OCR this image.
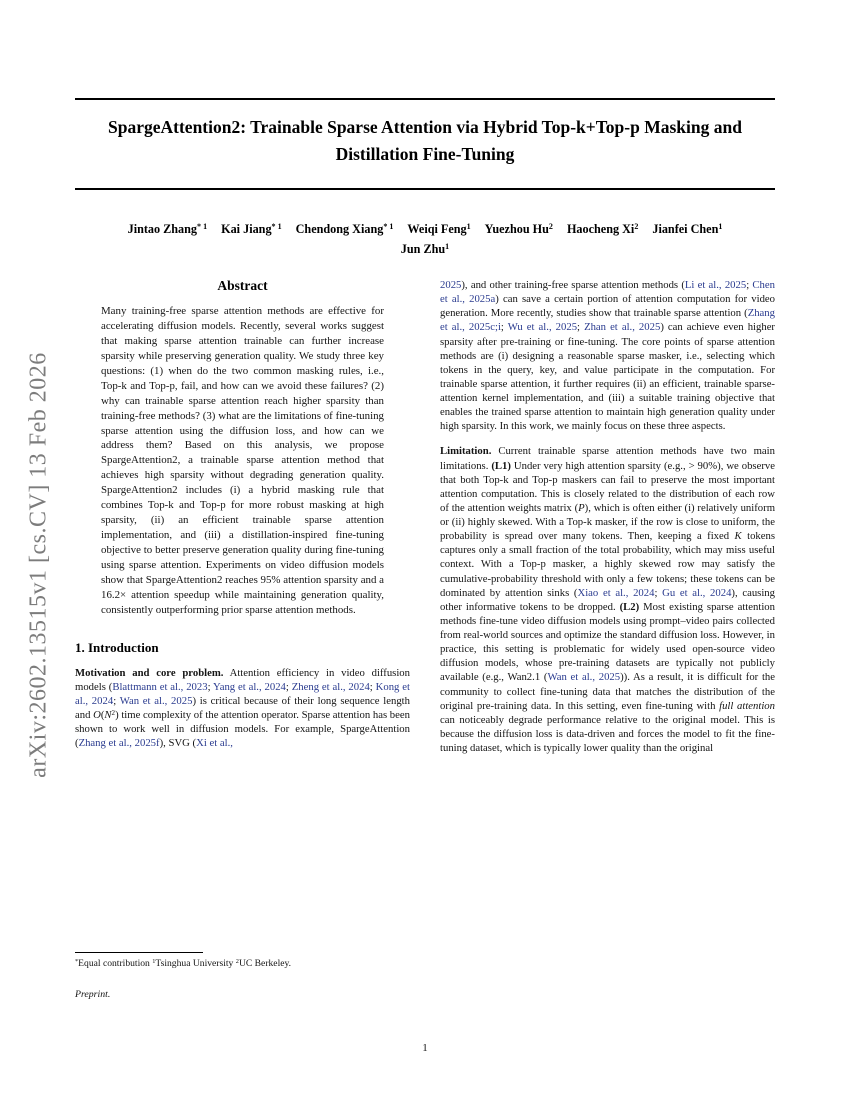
arXiv:2602.13515v1 [cs.CV] 13 Feb 2026
SpargeAttention2: Trainable Sparse Attention via Hybrid Top-k+Top-p Masking and Distillation Fine-Tuning
Jintao Zhang$^{* 1}$ Kai Jiang$^{* 1}$ Chendong Xiang$^{* 1}$ Weiqi Feng$^1$ Yuezhou Hu$^2$ Haocheng Xi$^2$ Jianfei Chen$^1$
Jun Zhu$^1$
Abstract
Many training-free sparse attention methods are effective for accelerating diffusion models. Recently, several works suggest that making sparse attention trainable can further increase sparsity while preserving generation quality. We study three key questions: (1) when do the two common masking rules, i.e., Top-k and Top-p, fail, and how can we avoid these failures? (2) why can trainable sparse attention reach higher sparsity than training-free methods? (3) what are the limitations of fine-tuning sparse attention using the diffusion loss, and how can we address them? Based on this analysis, we propose SpargeAttention2, a trainable sparse attention method that achieves high sparsity without degrading generation quality. SpargeAttention2 includes (i) a hybrid masking rule that combines Top-k and Top-p for more robust masking at high sparsity, (ii) an efficient trainable sparse attention implementation, and (iii) a distillation-inspired fine-tuning objective to better preserve generation quality during fine-tuning using sparse attention. Experiments on video diffusion models show that SpargeAttention2 reaches 95% attention sparsity and a 16.2× attention speedup while maintaining generation quality, consistently outperforming prior sparse attention methods.
1. Introduction

Motivation and core problem. Attention efficiency in video diffusion models (Blattmann et al., 2023; Yang et al., 2024; Zheng et al., 2024; Kong et al., 2024; Wan et al., 2025) is critical because of their long sequence length and $O(N^2)$ time complexity of the attention operator. Sparse attention has been shown to work well in diffusion models. For example, SpargeAttention (Zhang et al., 2025f), SVG (Xi et al.,

2025), and other training-free sparse attention methods (Li et al., 2025; Chen et al., 2025a) can save a certain portion of attention computation for video generation. More recently, studies show that trainable sparse attention (Zhang et al., 2025c;i; Wu et al., 2025; Zhan et al., 2025) can achieve even higher sparsity after pre-training or fine-tuning. The core points of sparse attention methods are (i) designing a reasonable sparse masker, i.e., selecting which tokens in the query, key, and value participate in the computation. For trainable sparse attention, it further requires (ii) an efficient, trainable sparse-attention kernel implementation, and (iii) a suitable training objective that enables the trained sparse attention to maintain high generation quality under high sparsity. In this work, we mainly focus on these three aspects.

Limitation. Current trainable sparse attention methods have two main limitations. (L1) Under very high attention sparsity (e.g., > 90%), we observe that both Top-k and Top-p maskers can fail to preserve the most important attention computation. This is closely related to the distribution of each row of the attention weights matrix (P), which is often either (i) relatively uniform or (ii) highly skewed. With a Top-k masker, if the row is close to uniform, the probability is spread over many tokens. Then, keeping a fixed K tokens captures only a small fraction of the total probability, which may miss useful context. With a Top-p masker, a highly skewed row may satisfy the cumulative-probability threshold with only a few tokens; these tokens can be dominated by attention sinks (Xiao et al., 2024; Gu et al., 2024), causing other informative tokens to be dropped. (L2) Most existing sparse attention methods fine-tune video diffusion models using prompt–video pairs collected from real-world sources and optimize the standard diffusion loss. However, in practice, this setting is problematic for widely used open-source video diffusion models, whose pre-training datasets are typically not publicly available (e.g., Wan2.1 (Wan et al., 2025)). As a result, it is difficult for the community to collect fine-tuning data that matches the distribution of the original pre-training data. In this setting, even fine-tuning with full attention can noticeably degrade performance relative to the original model. This is because the diffusion loss is data-driven and forces the model to fit the fine-tuning dataset, which is typically lower quality than the original

*Equal contribution $^1$Tsinghua University $^2$UC Berkeley.
Preprint.
1
